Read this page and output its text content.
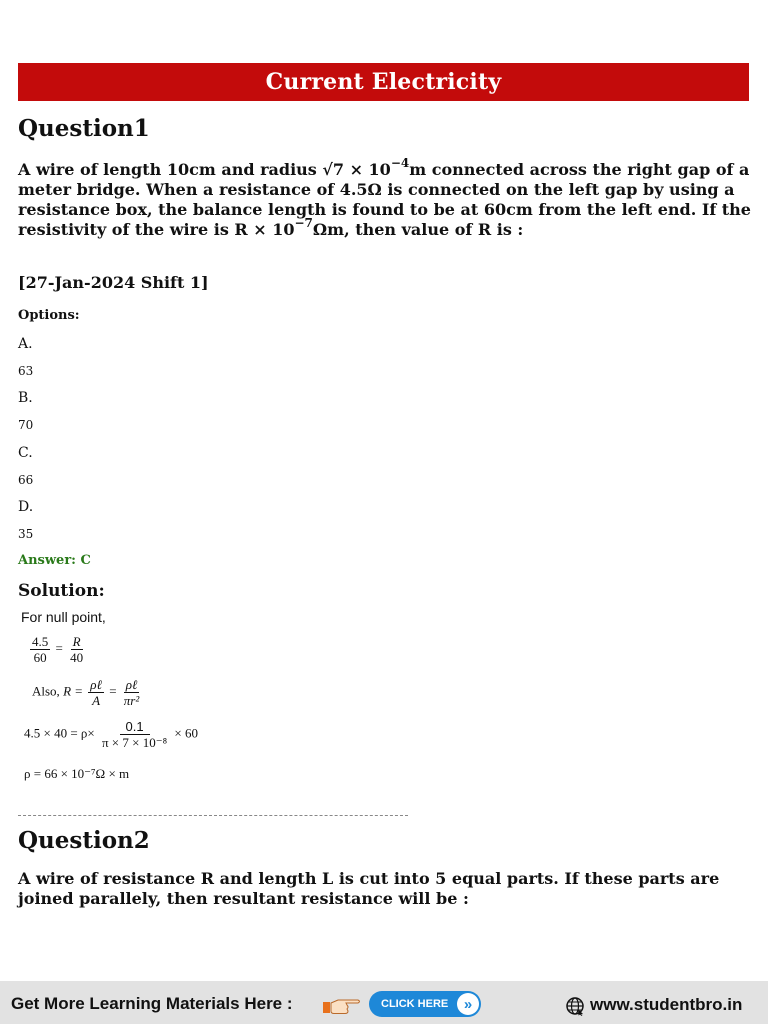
Current Electricity
Question1
A wire of length 10cm and radius $√7 \times 10^{-4}m$ connected across the right gap of a meter bridge. When a resistance of 4.5Ω is connected on the left gap by using a resistance box, the balance length is found to be at 60cm from the left end. If the resistivity of the wire is $R \times 10^{-7}\Omega m$, then value of R is :
[27-Jan-2024 Shift 1]
Options:
A.
63
B.
70
C.
66
D.
35
Answer: C
Solution:
For null point,
$\frac{4.5}{60} = \frac{R}{40}$
Also, $R = \frac{\text{ρℓ}}{A} = \frac{\text{ρℓ}}{\text{πr²}}$
$4.5 \times 40 = \rho\times \frac{0.1}{\text{π × 7 × 10⁻⁸}} \times 60$
ρ = 66 × 10⁻⁷Ω × m
Question2
A wire of resistance R and length L is cut into 5 equal parts. If these parts are joined parallely, then resultant resistance will be :
Get More Learning Materials Here :	CLICK HERE	»	www.studentbro.in
